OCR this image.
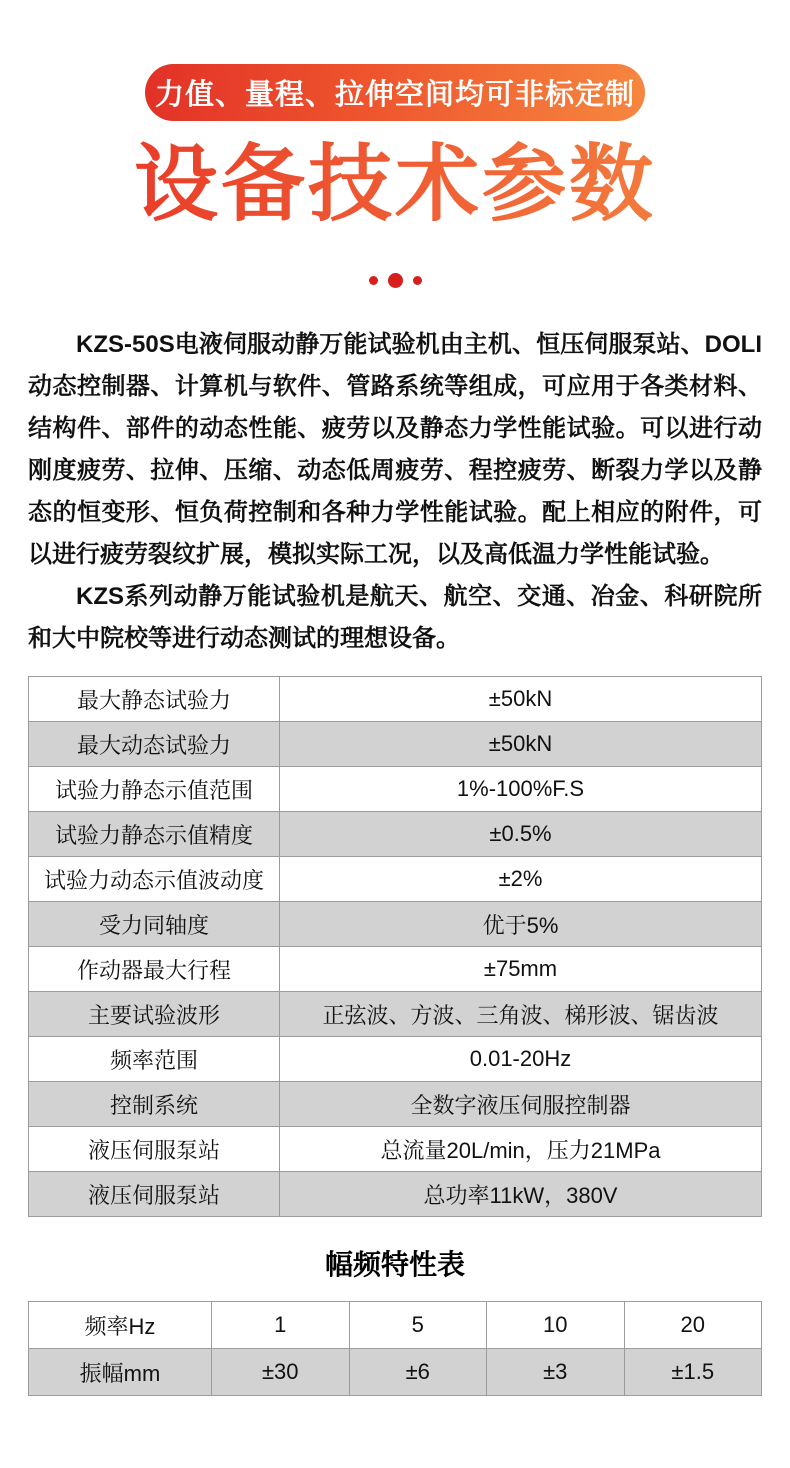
力值、量程、拉伸空间均可非标定制
设备技术参数

KZS-50S电液伺服动静万能试验机由主机、恒压伺服泵站、DOLI动态控制器、计算机与软件、管路系统等组成，可应用于各类材料、结构件、部件的动态性能、疲劳以及静态力学性能试验。可以进行动刚度疲劳、拉伸、压缩、动态低周疲劳、程控疲劳、断裂力学以及静态的恒变形、恒负荷控制和各种力学性能试验。配上相应的附件，可以进行疲劳裂纹扩展，模拟实际工况，以及高低温力学性能试验。

KZS系列动静万能试验机是航天、航空、交通、冶金、科研院所和大中院校等进行动态测试的理想设备。

最大静态试验力	±50kN
最大动态试验力	±50kN
试验力静态示值范围	1%-100%F.S
试验力静态示值精度	±0.5%
试验力动态示值波动度	±2%
受力同轴度	优于5%
作动器最大行程	±75mm
主要试验波形	正弦波、方波、三角波、梯形波、锯齿波
频率范围	0.01-20Hz
控制系统	全数字液压伺服控制器
液压伺服泵站	总流量20L/min，压力21MPa
液压伺服泵站	总功率11kW，380V
幅频特性表
频率Hz	1	5	10	20
振幅mm	±30	±6	±3	±1.5
